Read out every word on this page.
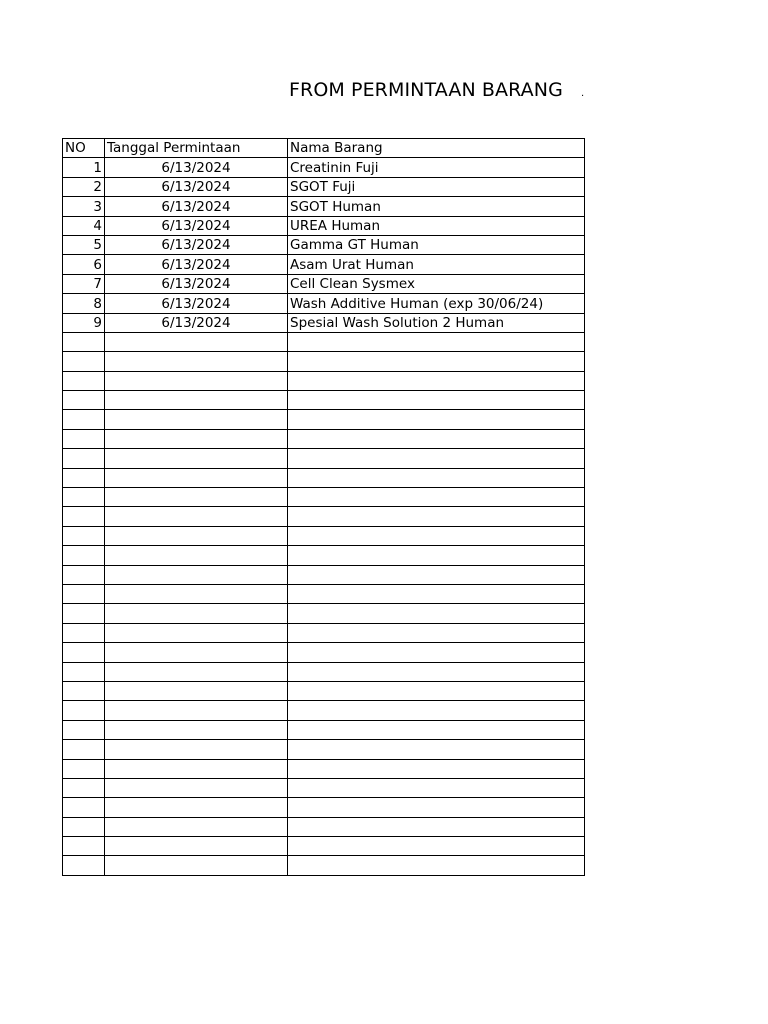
FROM PERMINTAAN BARANG .
NO	Tanggal Permintaan	Nama Barang
1	6/13/2024	Creatinin Fuji
2	6/13/2024	SGOT Fuji
3	6/13/2024	SGOT Human
4	6/13/2024	UREA Human
5	6/13/2024	Gamma GT Human
6	6/13/2024	Asam Urat Human
7	6/13/2024	Cell Clean Sysmex
8	6/13/2024	Wash Additive Human (exp 30/06/24)
9	6/13/2024	Spesial Wash Solution 2 Human
